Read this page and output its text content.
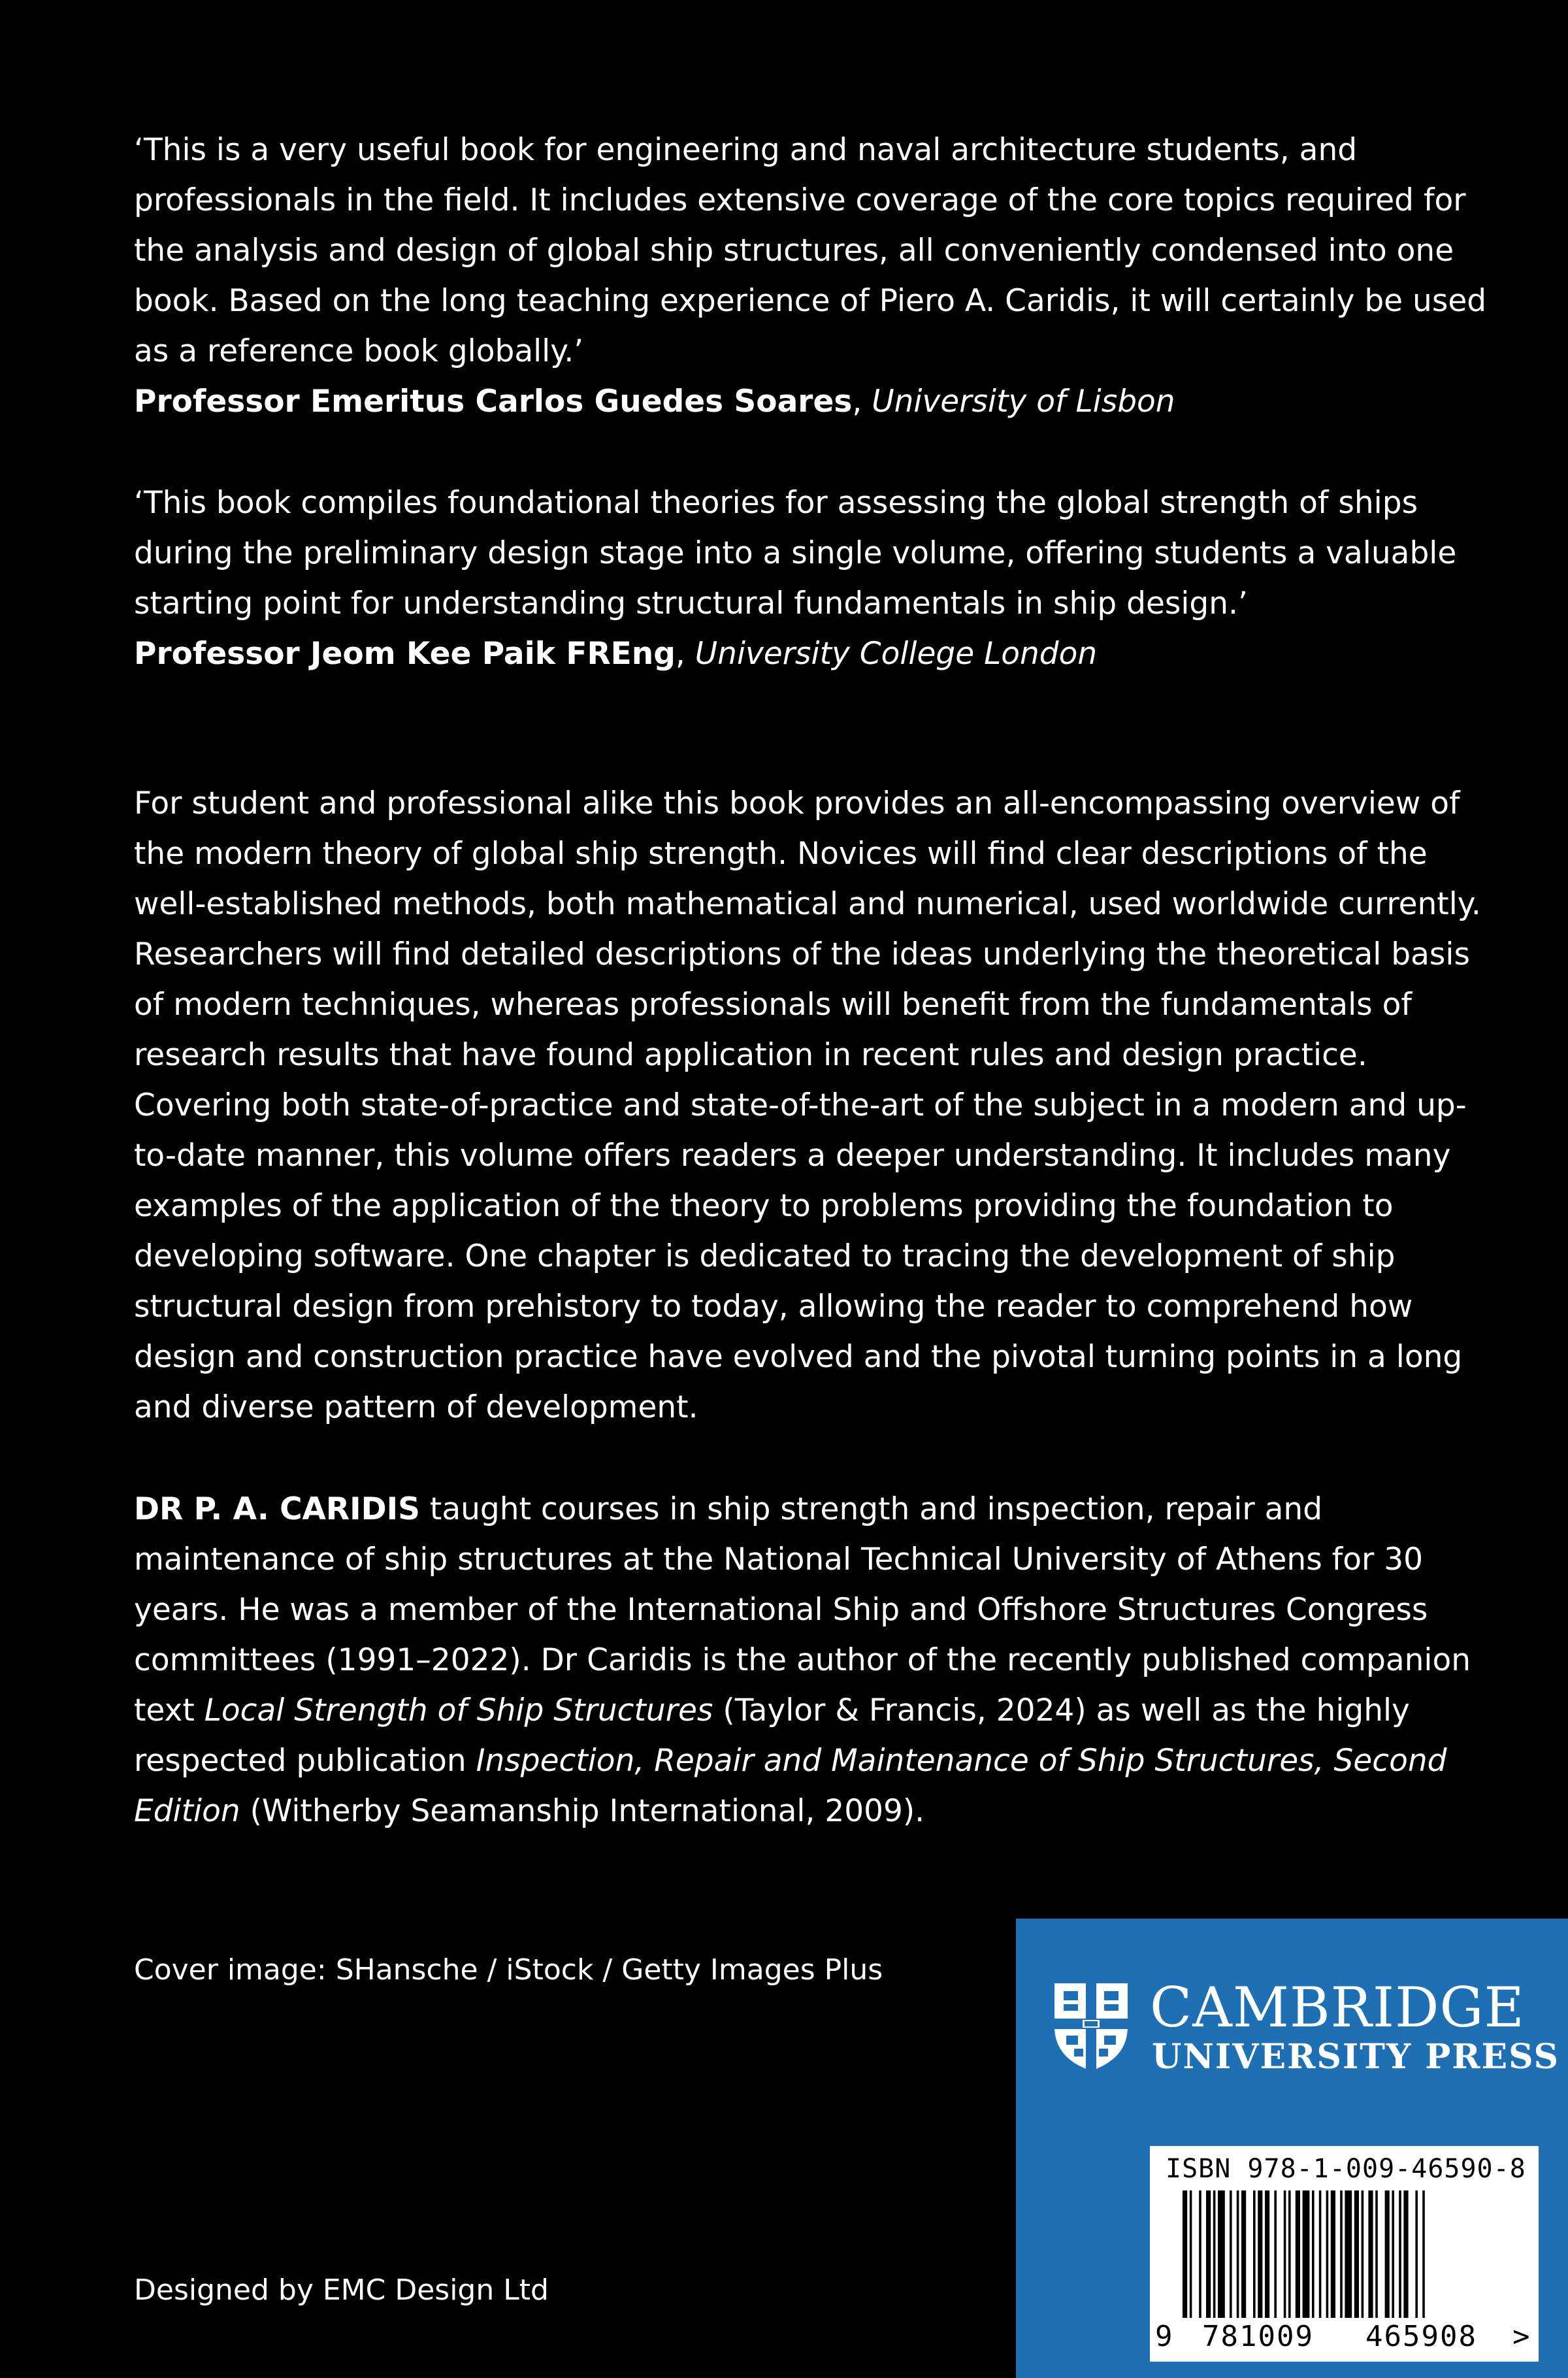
‘This is a very useful book for engineering and naval architecture students, and professionals in the field. It includes extensive coverage of the core topics required for the analysis and design of global ship structures, all conveniently condensed into one book. Based on the long teaching experience of Piero A. Caridis, it will certainly be used as a reference book globally.’

Professor Emeritus Carlos Guedes Soares, University of Lisbon

‘This book compiles foundational theories for assessing the global strength of ships during the preliminary design stage into a single volume, offering students a valuable starting point for understanding structural fundamentals in ship design.’

Professor Jeom Kee Paik FREng, University College London

For student and professional alike this book provides an all-encompassing overview of the modern theory of global ship strength. Novices will find clear descriptions of the well-established methods, both mathematical and numerical, used worldwide currently. Researchers will find detailed descriptions of the ideas underlying the theoretical basis of modern techniques, whereas professionals will benefit from the fundamentals of research results that have found application in recent rules and design practice. Covering both state-of-practice and state-of-the-art of the subject in a modern and up-to-date manner, this volume offers readers a deeper understanding. It includes many examples of the application of the theory to problems providing the foundation to developing software. One chapter is dedicated to tracing the development of ship structural design from prehistory to today, allowing the reader to comprehend how design and construction practice have evolved and the pivotal turning points in a long and diverse pattern of development.

DR P. A. CARIDIS taught courses in ship strength and inspection, repair and maintenance of ship structures at the National Technical University of Athens for 30 years. He was a member of the International Ship and Offshore Structures Congress committees (1991–2022). Dr Caridis is the author of the recently published companion text Local Strength of Ship Structures (Taylor & Francis, 2024) as well as the highly respected publication Inspection, Repair and Maintenance of Ship Structures, Second Edition (Witherby Seamanship International, 2009).

Cover image: SHansche / iStock / Getty Images Plus
Designed by EMC Design Ltd
CAMBRIDGE
UNIVERSITY PRESS
ISBN 978-1-009-46590-8
9 781009 465908 >
